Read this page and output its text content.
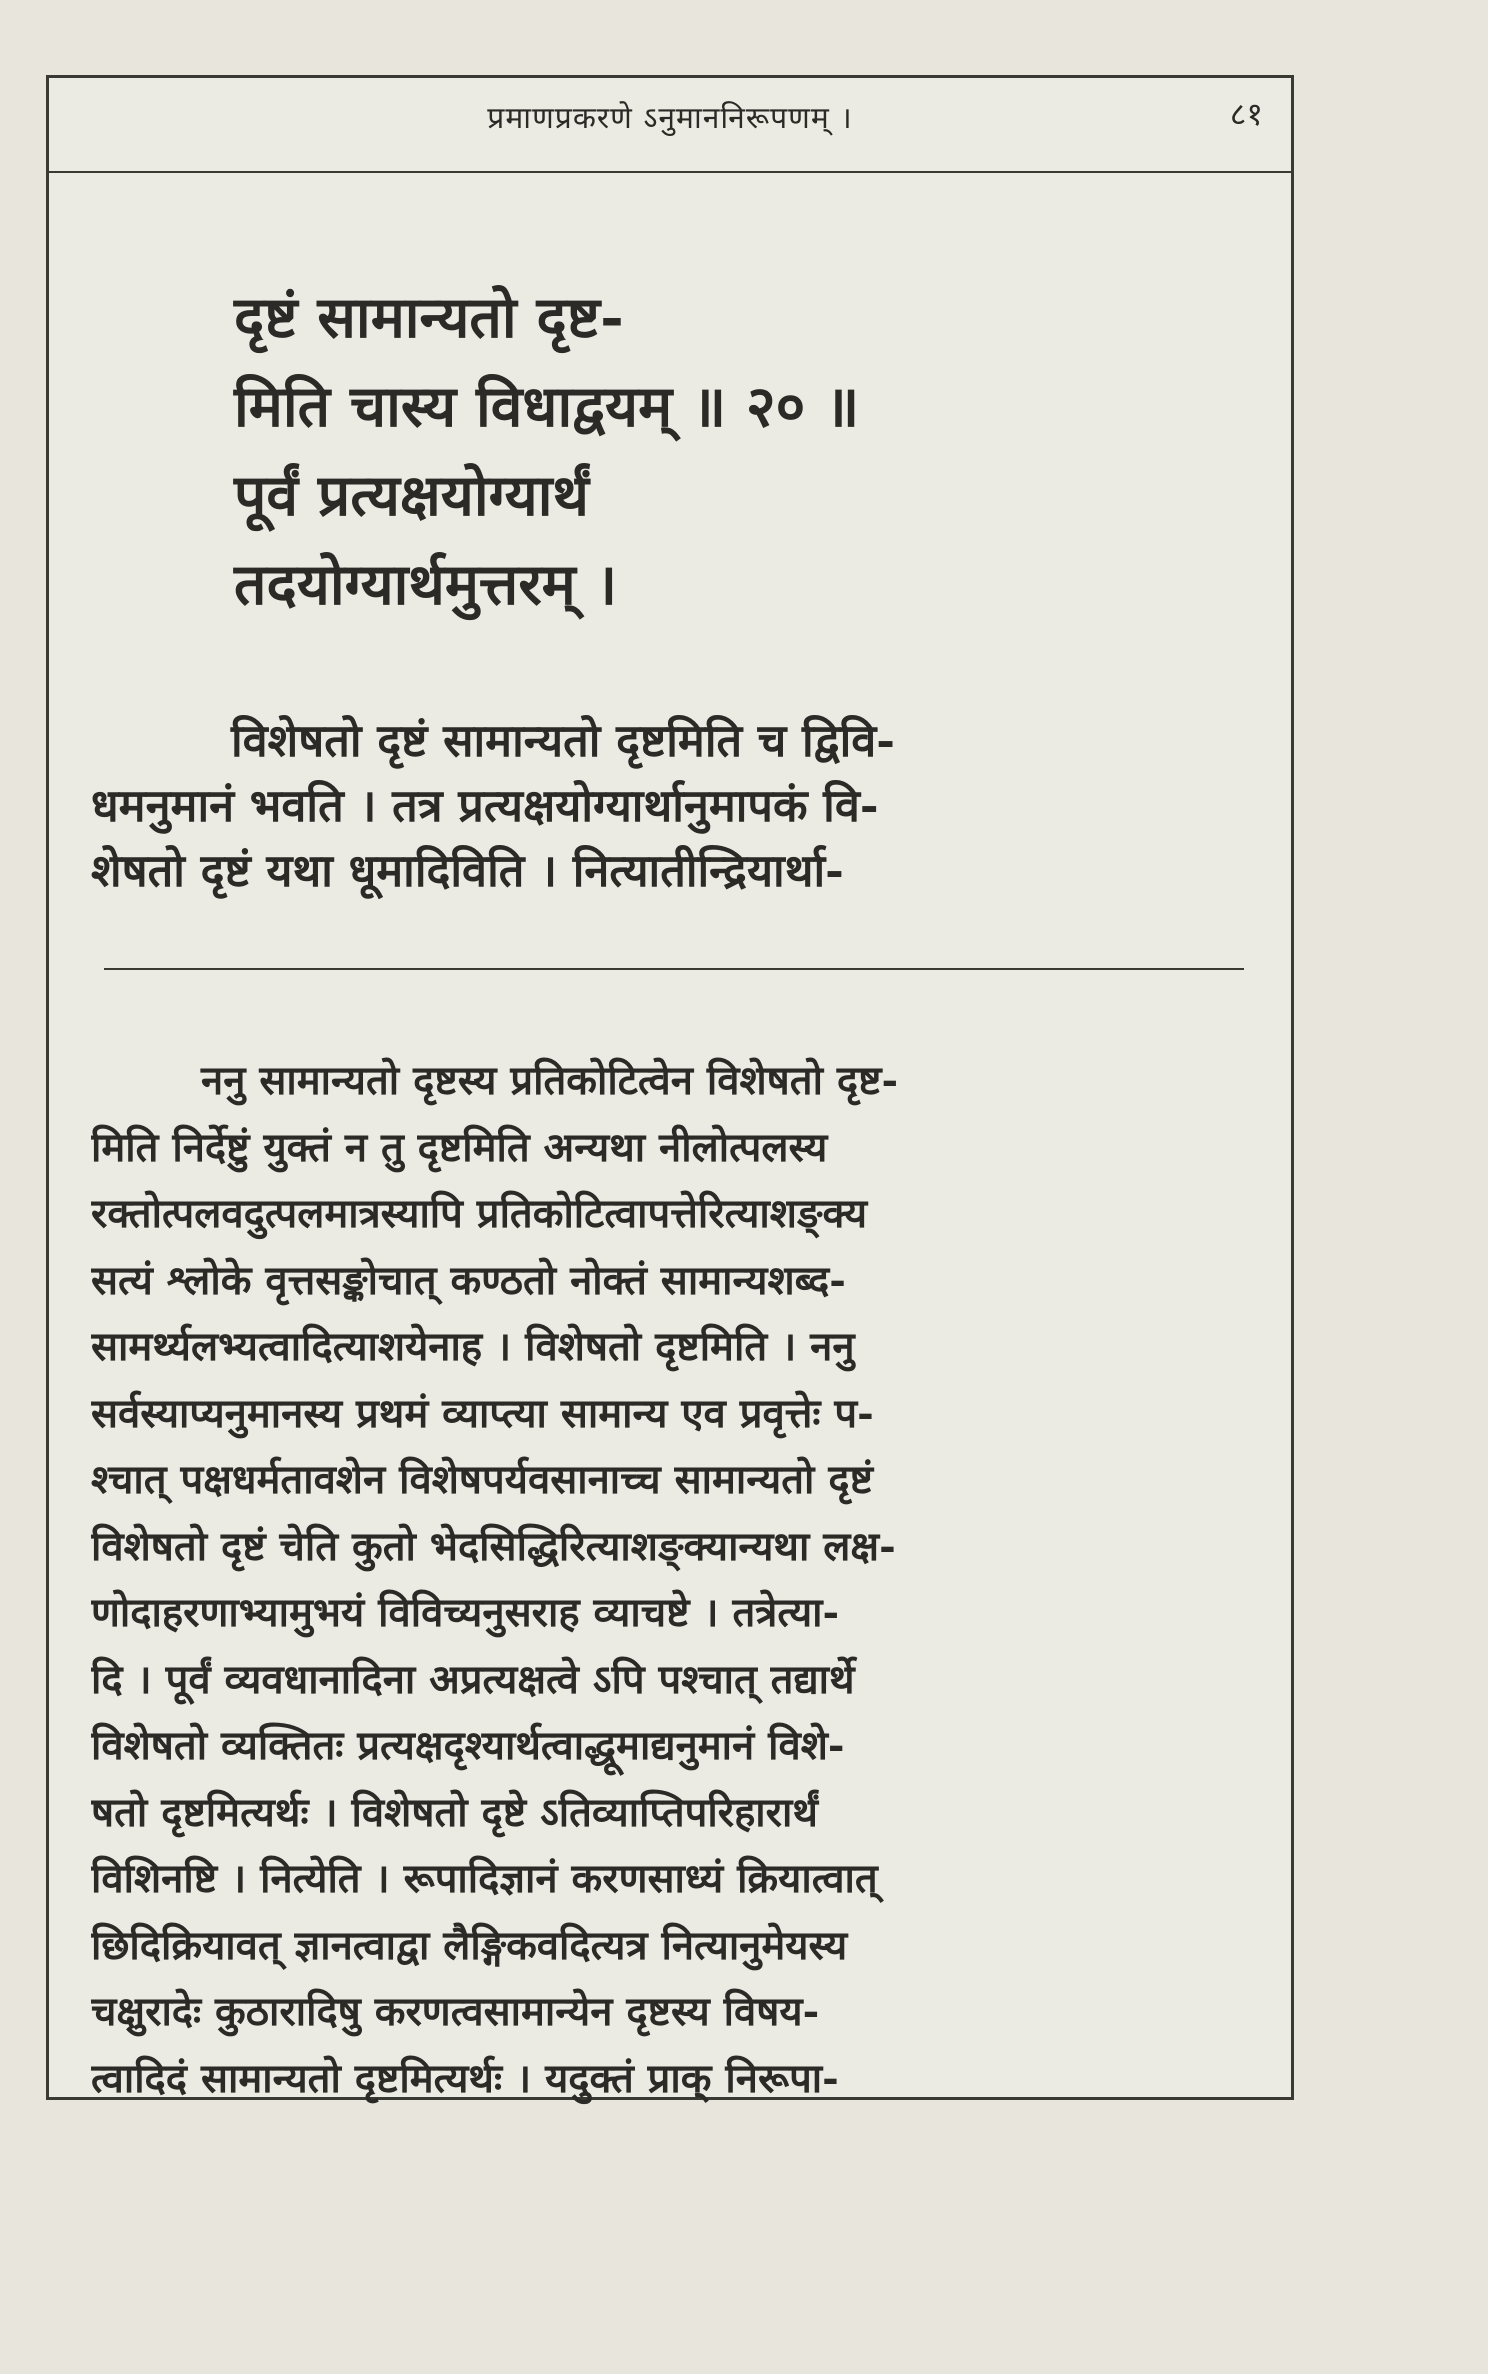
प्रमाणप्रकरणे ऽनुमाननिरूपणम् ।	८१
दृष्टं सामान्यतो दृष्ट-
मिति चास्य विधाद्वयम् ॥ २० ॥
पूर्वं प्रत्यक्षयोग्यार्थं
तदयोग्यार्थमुत्तरम् ।
विशेषतो दृष्टं सामान्यतो दृष्टमिति च द्विवि-
धमनुमानं भवति । तत्र प्रत्यक्षयोग्यार्थानुमापकं वि-
शेषतो दृष्टं यथा धूमादिविति । नित्यातीन्द्रियार्था-
ननु सामान्यतो दृष्टस्य प्रतिकोटित्वेन विशेषतो दृष्ट-
मिति निर्देष्टुं युक्तं न तु दृष्टमिति अन्यथा नीलोत्पलस्य
रक्तोत्पलवदुत्पलमात्रस्यापि प्रतिकोटित्वापत्तेरित्याशङ्क्य
सत्यं श्लोके वृत्तसङ्कोचात् कण्ठतो नोक्तं सामान्यशब्द-
सामर्थ्यलभ्यत्वादित्याशयेनाह । विशेषतो दृष्टमिति । ननु
सर्वस्याप्यनुमानस्य प्रथमं व्याप्त्या सामान्य एव प्रवृत्तेः प-
श्चात् पक्षधर्मतावशेन विशेषपर्यवसानाच्च सामान्यतो दृष्टं
विशेषतो दृष्टं चेति कुतो भेदसिद्धिरित्याशङ्क्यान्यथा लक्ष-
णोदाहरणाभ्यामुभयं विविच्यनुसराह व्याचष्टे । तत्रेत्या-
दि । पूर्वं व्यवधानादिना अप्रत्यक्षत्वे ऽपि पश्चात् तद्यार्थे
विशेषतो व्यक्तितः प्रत्यक्षदृश्यार्थत्वाद्धूमाद्यनुमानं विशे-
षतो दृष्टमित्यर्थः । विशेषतो दृष्टे ऽतिव्याप्तिपरिहारार्थं
विशिनष्टि । नित्येति । रूपादिज्ञानं करणसाध्यं क्रियात्वात्
छिदिक्रियावत् ज्ञानत्वाद्वा लैङ्गिकवदित्यत्र नित्यानुमेयस्य
चक्षुरादेः कुठारादिषु करणत्वसामान्येन दृष्टस्य विषय-
त्वादिदं सामान्यतो दृष्टमित्यर्थः । यदुक्तं प्राक् निरूपा-
